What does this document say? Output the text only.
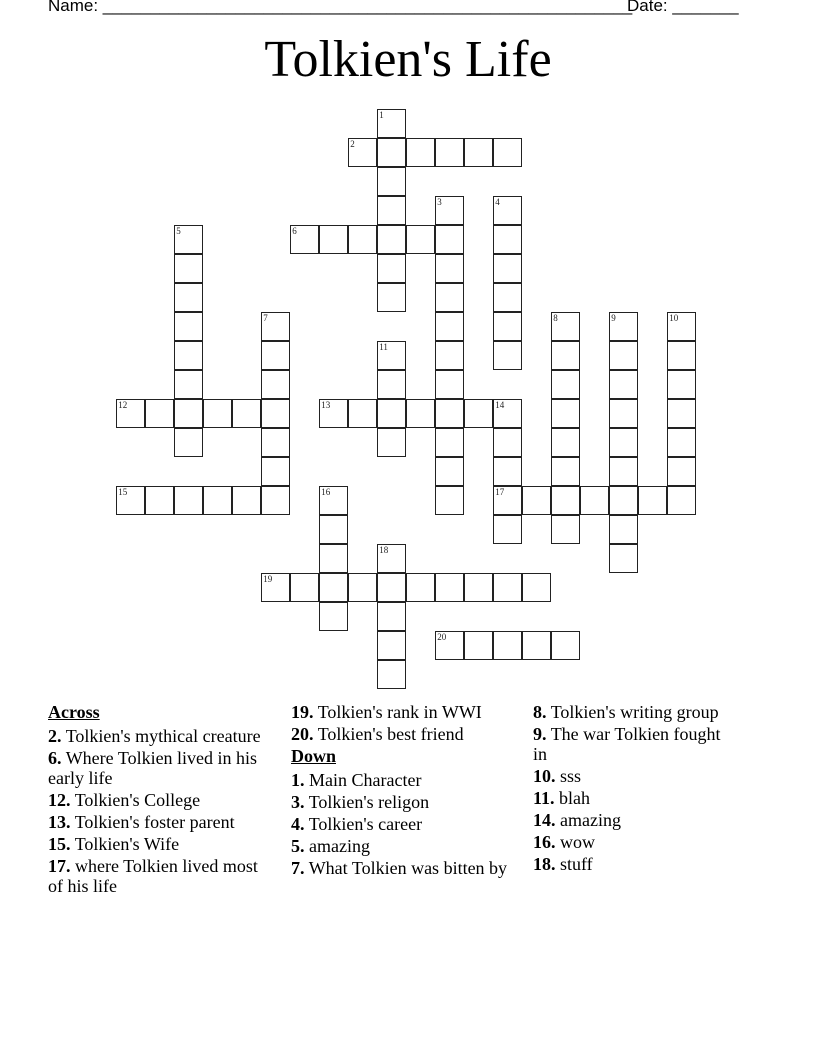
Name: ________________________________________________________
Date: _______
Tolkien's Life
1
2
3	4
5	6
7	8	9	10
11
12	13	14
17
15	16
18
19
20
Across
2. Tolkien's mythical creature
6. Where Tolkien lived in his early life
12. Tolkien's College
13. Tolkien's foster parent
15. Tolkien's Wife
17. where Tolkien lived most of his life
19. Tolkien's rank in WWI
20. Tolkien's best friend
Down
1. Main Character
3. Tolkien's religon
4. Tolkien's career
5. amazing
7. What Tolkien was bitten by
8. Tolkien's writing group
9. The war Tolkien fought in
10. sss
11. blah
14. amazing
16. wow
18. stuff
